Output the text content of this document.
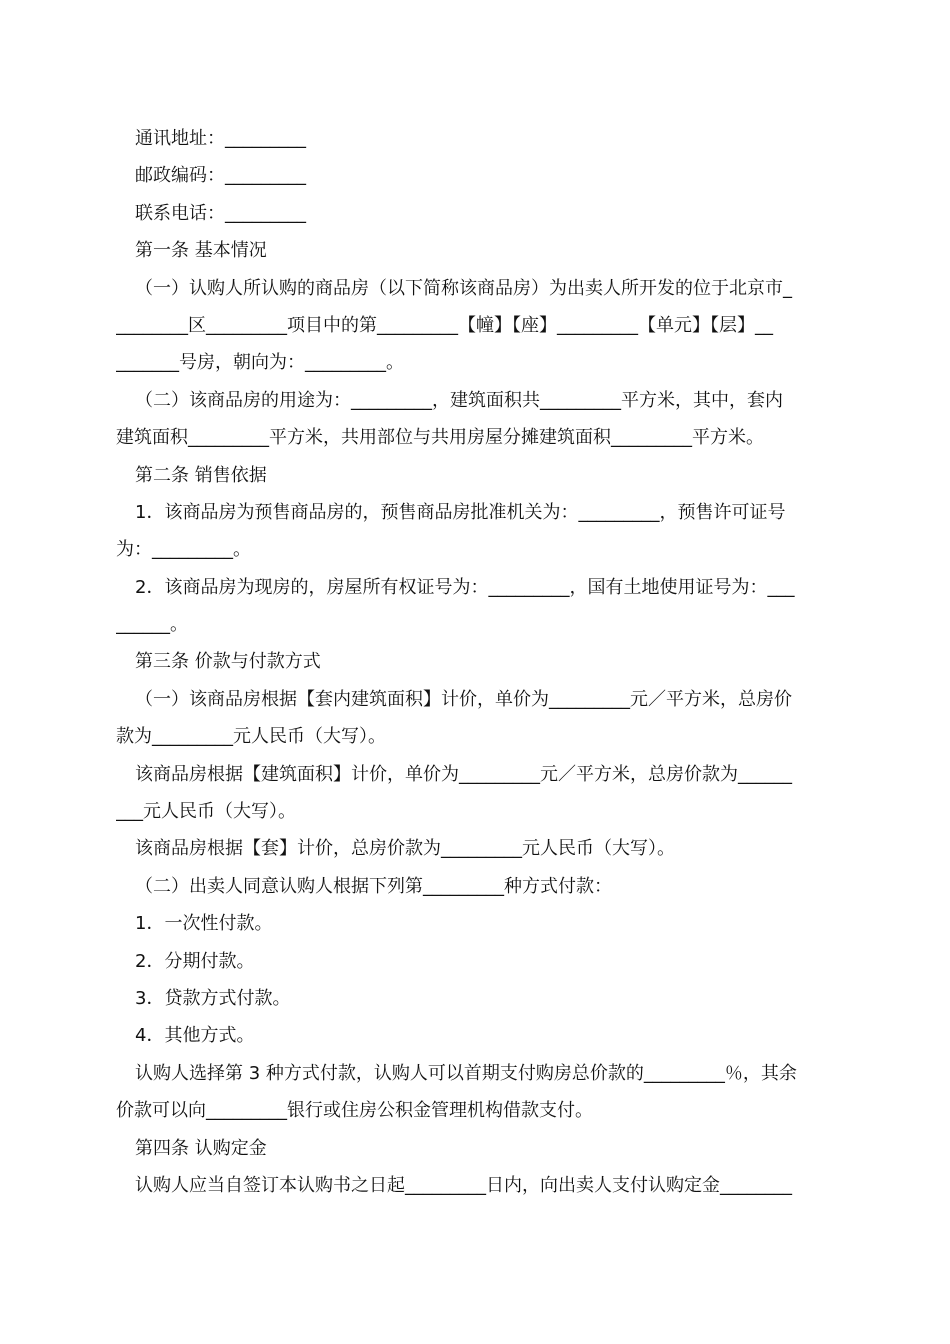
通讯地址：_________
邮政编码：_________
联系电话：_________
第一条 基本情况
（一）认购人所认购的商品房（以下简称该商品房）为出卖人所开发的位于北京市_
________区_________项目中的第_________【幢】【座】_________【单元】【层】__
_______号房，朝向为：_________。
（二）该商品房的用途为：_________，建筑面积共_________平方米，其中，套内
建筑面积_________平方米，共用部位与共用房屋分摊建筑面积_________平方米。
第二条 销售依据
1．该商品房为预售商品房的，预售商品房批准机关为：_________，预售许可证号
为：_________。
2．该商品房为现房的，房屋所有权证号为：_________，国有土地使用证号为：___
______。
第三条 价款与付款方式
（一）该商品房根据【套内建筑面积】计价，单价为_________元／平方米，总房价
款为_________元人民币（大写）。
该商品房根据【建筑面积】计价，单价为_________元／平方米，总房价款为______
___元人民币（大写）。
该商品房根据【套】计价，总房价款为_________元人民币（大写）。
（二）出卖人同意认购人根据下列第_________种方式付款：
1．一次性付款。
2．分期付款。
3．贷款方式付款。
4．其他方式。
认购人选择第 3 种方式付款，认购人可以首期支付购房总价款的_________％，其余
价款可以向_________银行或住房公积金管理机构借款支付。
第四条 认购定金
认购人应当自签订本认购书之日起_________日内，向出卖人支付认购定金________
